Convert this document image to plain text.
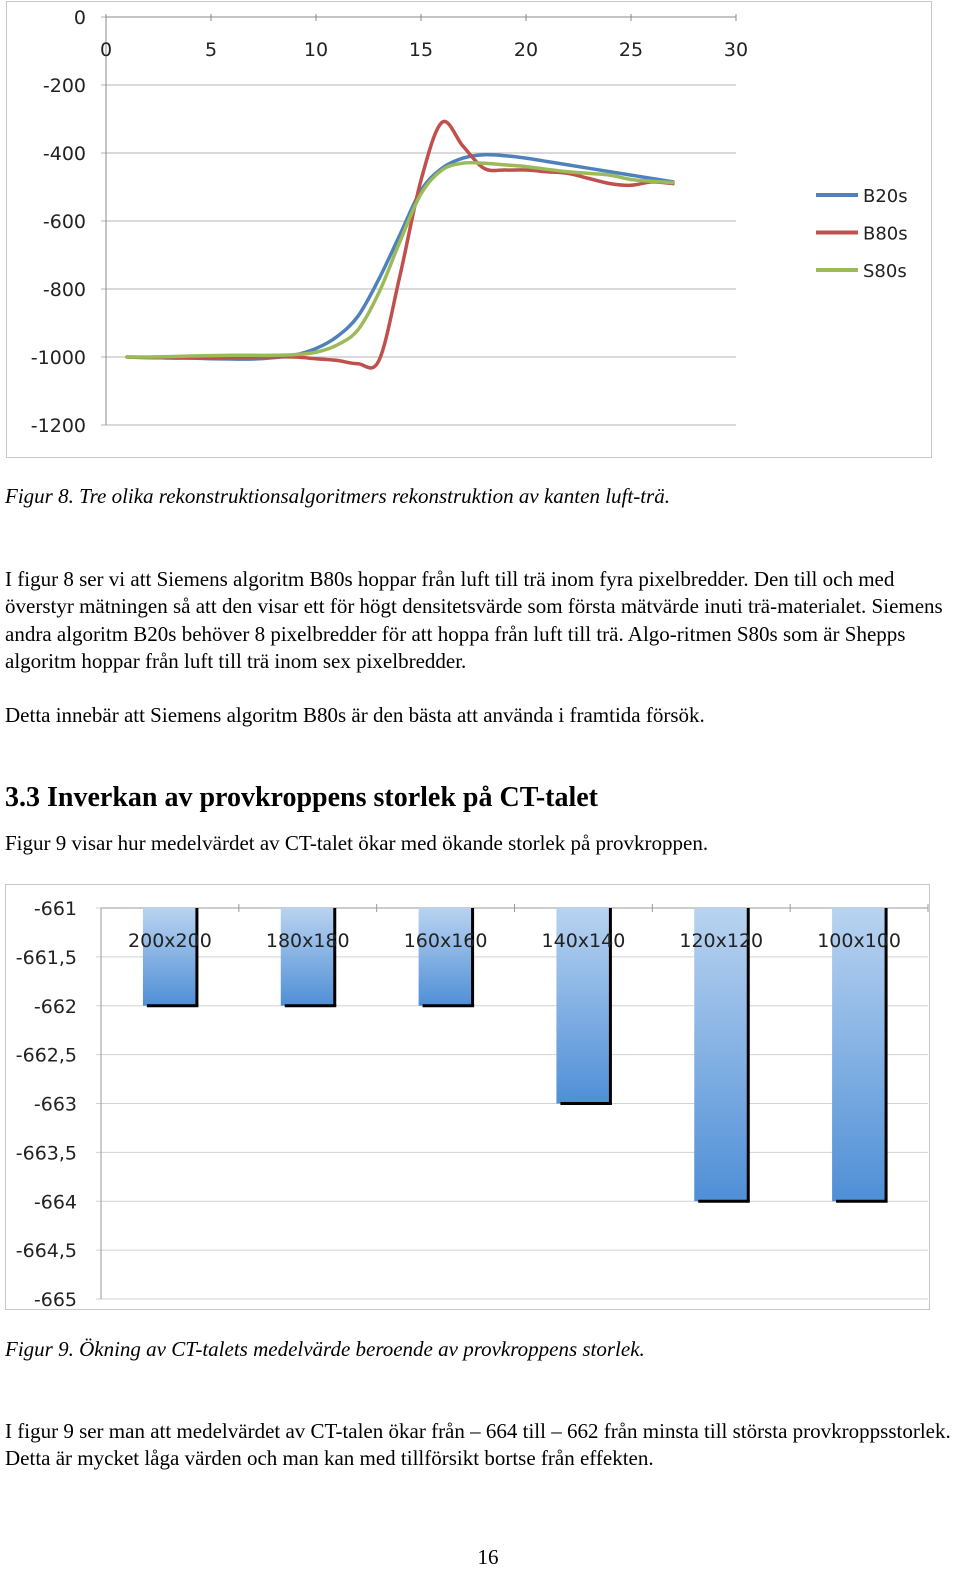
0
-200
-400
-600
-800
-1000
-1200
0	5	10	15	20	25	30
B20s
B80s
S80s

Figur 8. Tre olika rekonstruktionsalgoritmers rekonstruktion av kanten luft-trä.

I figur 8 ser vi att Siemens algoritm B80s hoppar från luft till trä inom fyra pixelbredder. Den till och med överstyr mätningen så att den visar ett för högt densitetsvärde som första mätvärde inuti trä-materialet. Siemens andra algoritm B20s behöver 8 pixelbredder för att hoppa från luft till trä. Algo-ritmen S80s som är Shepps algoritm hoppar från luft till trä inom sex pixelbredder.

Detta innebär att Siemens algoritm B80s är den bästa att använda i framtida försök.

3.3 Inverkan av provkroppens storlek på CT-talet

Figur 9 visar hur medelvärdet av CT-talet ökar med ökande storlek på provkroppen.

-661
-661,5
-662
-662,5
-663
-663,5
-664
-664,5
-665
200x200	180x180	160x160	140x140	120x120	100x100

Figur 9. Ökning av CT-talets medelvärde beroende av provkroppens storlek.

I figur 9 ser man att medelvärdet av CT-talen ökar från – 664 till – 662 från minsta till största provkroppsstorlek. Detta är mycket låga värden och man kan med tillförsikt bortse från effekten.

16
